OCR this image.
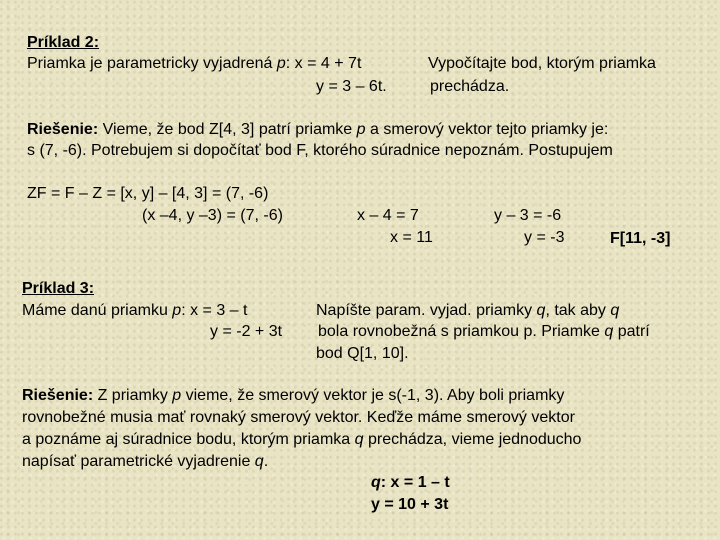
Príklad 2:
Priamka je parametricky vyjadrená p: x = 4 + 7t
y = 3 – 6t.
Vypočítajte bod, ktorým priamka
prechádza.
Riešenie: Vieme, že bod Z[4, 3] patrí priamke p a smerový vektor tejto priamky je:
s (7, -6). Potrebujem si dopočítať bod F, ktorého súradnice nepoznám. Postupujem
ZF = F – Z = [x, y] – [4, 3] = (7, -6)
(x –4, y –3) = (7, -6)	x – 4 = 7
x = 11
y – 3 = -6
y = -3	F[11, -3]
Príklad 3:
Máme danú priamku p: x = 3 – t
y = -2 + 3t
Napíšte param. vyjad. priamky q, tak aby q
bola rovnobežná s priamkou p. Priamke q patrí
bod Q[1, 10].
Riešenie: Z priamky p vieme, že smerový vektor je s(-1, 3). Aby boli priamky
rovnobežné musia mať rovnaký smerový vektor. Keďže máme smerový vektor
a poznáme aj súradnice bodu, ktorým priamka q prechádza, vieme jednoducho
napísať parametrické vyjadrenie q.
q: x = 1 – t
y = 10 + 3t
